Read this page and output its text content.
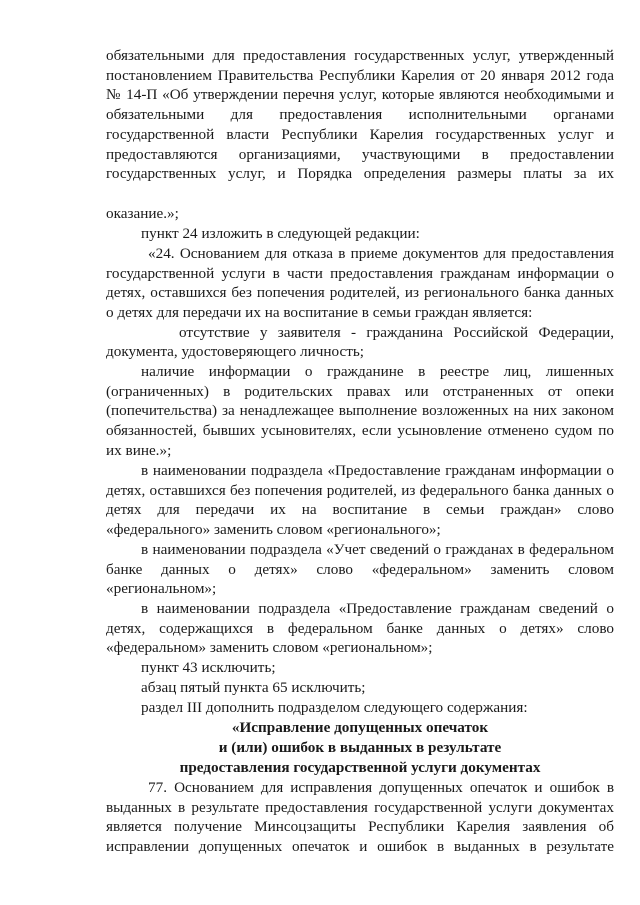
обязательными для предоставления государственных услуг, утвержденный постановлением Правительства Республики Карелия от 20 января 2012 года № 14-П «Об утверждении перечня услуг, которые являются необходимыми и обязательными для предоставления исполнительными органами государственной власти Республики Карелия государственных услуг и предоставляются организациями, участвующими в предоставлении государственных услуг, и Порядка определения размеры платы за их

оказание.»;

пункт 24 изложить в следующей редакции:

«24. Основанием для отказа в приеме документов для предоставления государственной услуги в части предоставления гражданам информации о детях, оставшихся без попечения родителей, из регионального банка данных

о детях для передачи их на воспитание в семьи граждан является:

отсутствие у заявителя - гражданина Российской Федерации,

документа, удостоверяющего личность;

наличие информации о гражданине в реестре лиц, лишенных (ограниченных) в родительских правах или отстраненных от опеки (попечительства) за ненадлежащее выполнение возложенных на них законом обязанностей, бывших усыновителях, если усыновление отменено судом по

их вине.»;

в наименовании подраздела «Предоставление гражданам информации о детях, оставшихся без попечения родителей, из федерального банка данных о детях для передачи их на воспитание в семьи граждан» слово

«федерального» заменить словом «регионального»;

в наименовании подраздела «Учет сведений о гражданах в федеральном банке данных о детях» слово «федеральном» заменить словом

«региональном»;

в наименовании подраздела «Предоставление гражданам сведений о детях, содержащихся в федеральном банке данных о детях» слово

«федеральном» заменить словом «региональном»;

пункт 43 исключить;

абзац пятый пункта 65 исключить;

раздел III дополнить подразделом следующего содержания:

«Исправление допущенных опечаток

и (или) ошибок в выданных в результате

предоставления государственной услуги документах

77. Основанием для исправления допущенных опечаток и ошибок в выданных в результате предоставления государственной услуги документах является получение Минсоцзащиты Республики Карелия заявления об исправлении допущенных опечаток и ошибок в выданных в результате
